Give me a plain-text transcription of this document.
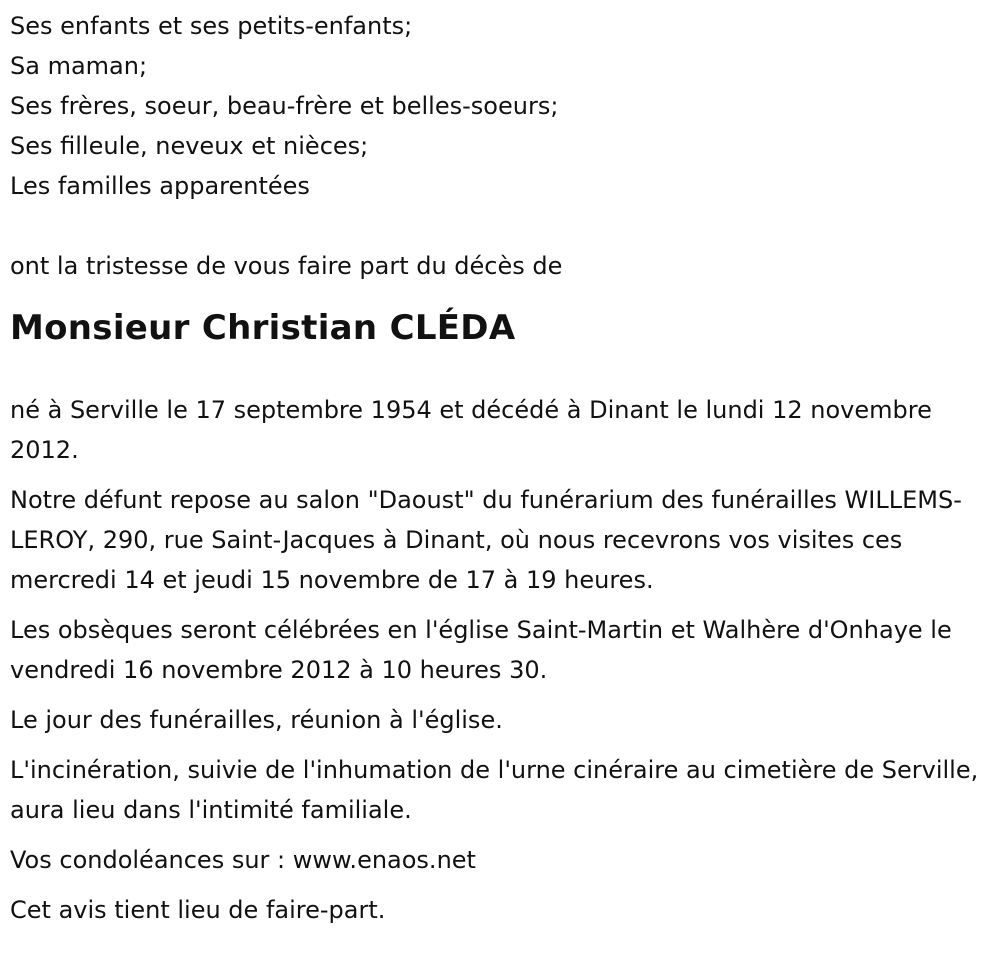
Ses enfants et ses petits-enfants;

Sa maman;

Ses frères, soeur, beau-frère et belles-soeurs;

Ses filleule, neveux et nièces;

Les familles apparentées

ont la tristesse de vous faire part du décès de

Monsieur Christian CLÉDA

né à Serville le 17 septembre 1954 et décédé à Dinant le lundi 12 novembre 2012.

Notre défunt repose au salon "Daoust" du funérarium des funérailles WILLEMS-LEROY, 290, rue Saint-Jacques à Dinant, où nous recevrons vos visites ces mercredi 14 et jeudi 15 novembre de 17 à 19 heures.

Les obsèques seront célébrées en l'église Saint-Martin et Walhère d'Onhaye le vendredi 16 novembre 2012 à 10 heures 30.

Le jour des funérailles, réunion à l'église.

L'incinération, suivie de l'inhumation de l'urne cinéraire au cimetière de Serville, aura lieu dans l'intimité familiale.

Vos condoléances sur : www.enaos.net

Cet avis tient lieu de faire-part.
